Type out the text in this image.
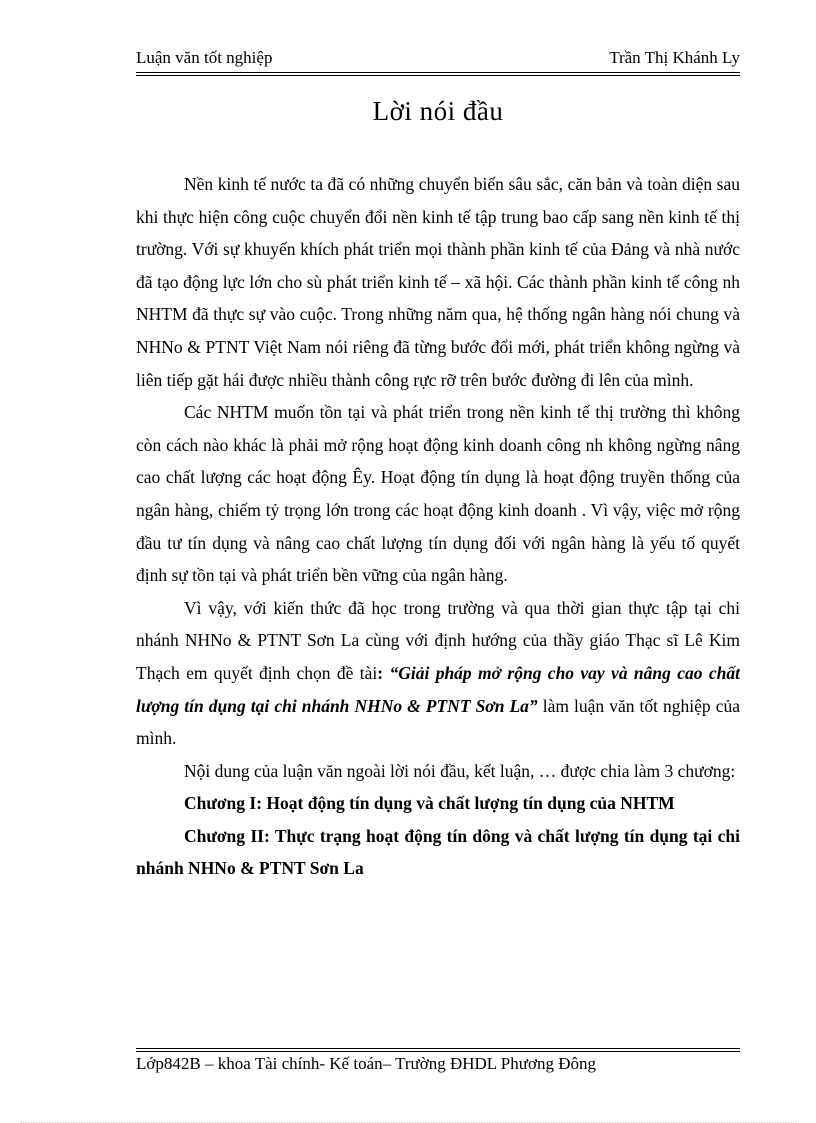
Luận văn tốt nghiệp	Trần Thị Khánh Ly
Lời nói đầu

Nền kinh tế nước ta đã có những chuyển biến sâu sắc, căn bản và toàn diện sau khi thực hiện công cuộc chuyển đổi nền kinh tế tập trung bao cấp sang nền kinh tế thị trường. Với sự khuyến khích phát triển mọi thành phần kinh tế của Đảng và nhà nước đã tạo động lực lớn cho sù phát triển kinh tế – xã hội. Các thành phần kinh tế công nh NHTM đã thực sự vào cuộc. Trong những năm qua, hệ thống ngân hàng nói chung và NHNo & PTNT Việt Nam nói riêng đã từng bước đổi mới, phát triển không ngừng và liên tiếp gặt hái được nhiều thành công rực rỡ trên bước đường đi lên của mình.

Các NHTM muốn tồn tại và phát triển trong nền kinh tế thị trường thì không còn cách nào khác là phải mở rộng hoạt động kinh doanh công nh không ngừng nâng cao chất lượng các hoạt động Êy. Hoạt động tín dụng là hoạt động truyền thống của ngân hàng, chiếm tỷ trọng lớn trong các hoạt động kinh doanh . Vì vậy, việc mở rộng đầu tư tín dụng và nâng cao chất lượng tín dụng đối với ngân hàng là yếu tố quyết định sự tồn tại và phát triển bền vững của ngân hàng.

Vì vậy, với kiến thức đã học trong trường và qua thời gian thực tập tại chi nhánh NHNo & PTNT Sơn La cùng với định hướng của thầy giáo Thạc sĩ Lê Kim Thạch em quyết định chọn đề tài: “Giải pháp mở rộng cho vay và nâng cao chất lượng tín dụng tại chi nhánh NHNo & PTNT Sơn La” làm luận văn tốt nghiệp của mình.

Nội dung của luận văn ngoài lời nói đầu, kết luận, … được chia làm 3 chương:

Chương I: Hoạt động tín dụng và chất lượng tín dụng của NHTM

Chương II: Thực trạng hoạt động tín dông và chất lượng tín dụng tại chi nhánh NHNo & PTNT Sơn La

Lớp842B – khoa Tài chính- Kế toán– Trường ĐHDL Phương Đông
